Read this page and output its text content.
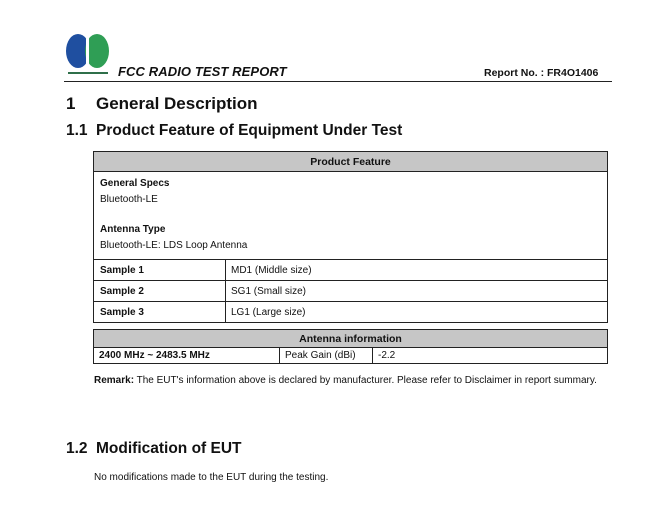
FCC RADIO TEST REPORT	Report No. : FR4O1406
1 General Description
1.1 Product Feature of Equipment Under Test
Product Feature	

General Specs
Bluetooth-LE
Antenna Type
Bluetooth-LE: LDS Loop Antenna	

Sample 1	MD1 (Middle size)
Sample 2	SG1 (Small size)
Sample 3	LG1 (Large size)
Antenna information
2400 MHz ~ 2483.5 MHz	Peak Gain (dBi)	-2.2
Remark: The EUT's information above is declared by manufacturer. Please refer to Disclaimer in report summary.
1.2 Modification of EUT
No modifications made to the EUT during the testing.
